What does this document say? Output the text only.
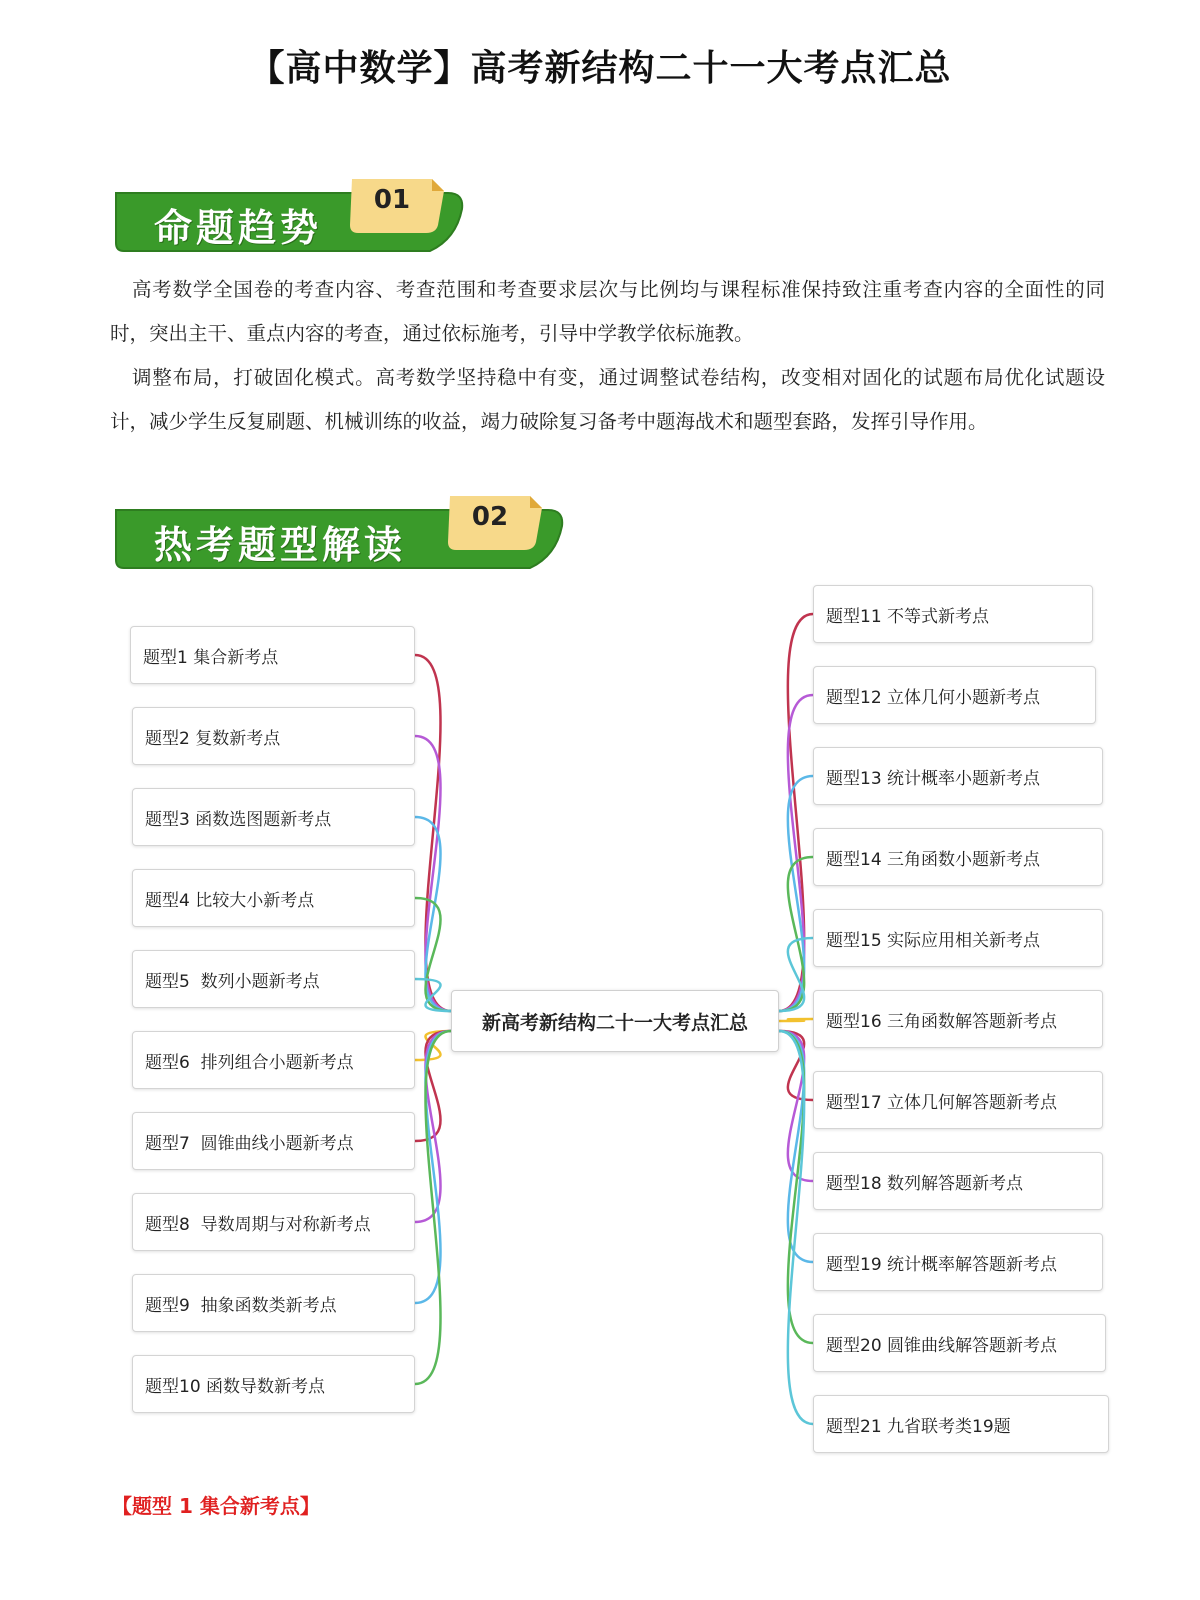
【高中数学】高考新结构二十一大考点汇总
命题趋势
01
高考数学全国卷的考查内容、考查范围和考查要求层次与比例均与课程标准保持致注重考查内容的全面性的同时，突出主干、重点内容的考查，通过依标施考，引导中学教学依标施教。
调整布局，打破固化模式。高考数学坚持稳中有变，通过调整试卷结构，改变相对固化的试题布局优化试题设计，减少学生反复刷题、机械训练的收益，竭力破除复习备考中题海战术和题型套路，发挥引导作用。
热考题型解读
02
新高考新结构二十一大考点汇总
题型1 集合新考点
题型2 复数新考点
题型3 函数选图题新考点
题型4 比较大小新考点
题型5  数列小题新考点
题型6  排列组合小题新考点
题型7  圆锥曲线小题新考点
题型8  导数周期与对称新考点
题型9  抽象函数类新考点
题型10 函数导数新考点
题型11 不等式新考点
题型12 立体几何小题新考点
题型13 统计概率小题新考点
题型14 三角函数小题新考点
题型15 实际应用相关新考点
题型16 三角函数解答题新考点
题型17 立体几何解答题新考点
题型18 数列解答题新考点
题型19 统计概率解答题新考点
题型20 圆锥曲线解答题新考点
题型21 九省联考类19题
【题型 1 集合新考点】
